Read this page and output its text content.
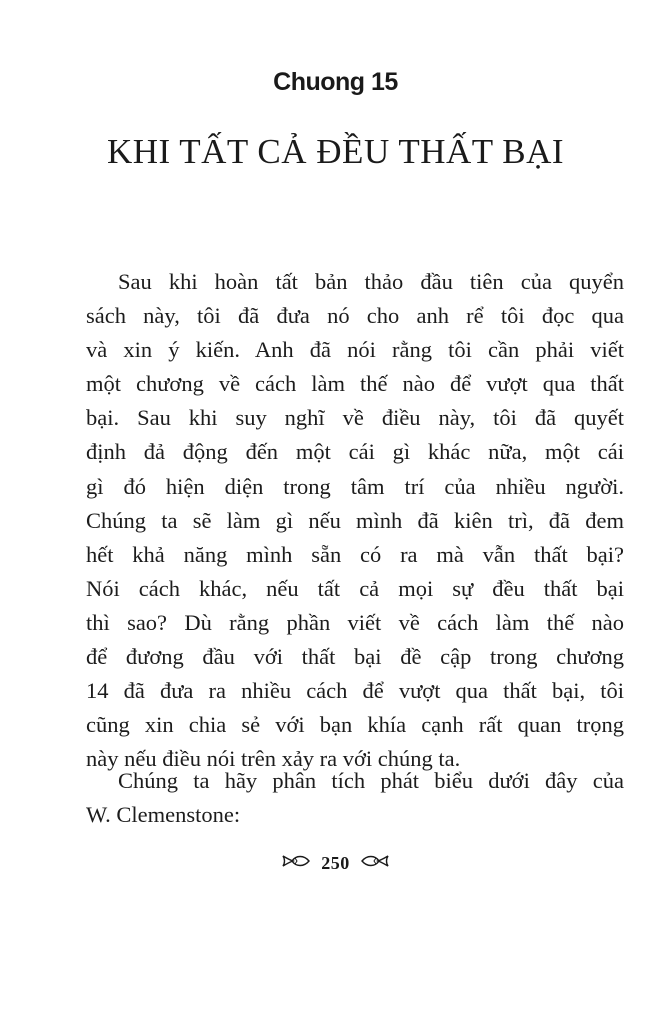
Chuong 15
KHI TẤT CẢ ĐỀU THẤT BẠI
Sau khi hoàn tất bản thảo đầu tiên của quyển
sách này, tôi đã đưa nó cho anh rể tôi đọc qua
và xin ý kiến. Anh đã nói rằng tôi cần phải viết
một chương về cách làm thế nào để vượt qua thất
bại. Sau khi suy nghĩ về điều này, tôi đã quyết
định đả động đến một cái gì khác nữa, một cái
gì đó hiện diện trong tâm trí của nhiều người.
Chúng ta sẽ làm gì nếu mình đã kiên trì, đã đem
hết khả năng mình sẵn có ra mà vẫn thất bại?
Nói cách khác, nếu tất cả mọi sự đều thất bại
thì sao? Dù rằng phần viết về cách làm thế nào
để đương đầu với thất bại đề cập trong chương
14 đã đưa ra nhiều cách để vượt qua thất bại, tôi
cũng xin chia sẻ với bạn khía cạnh rất quan trọng
này nếu điều nói trên xảy ra với chúng ta.
Chúng ta hãy phân tích phát biểu dưới đây của
W. Clemenstone:
250
